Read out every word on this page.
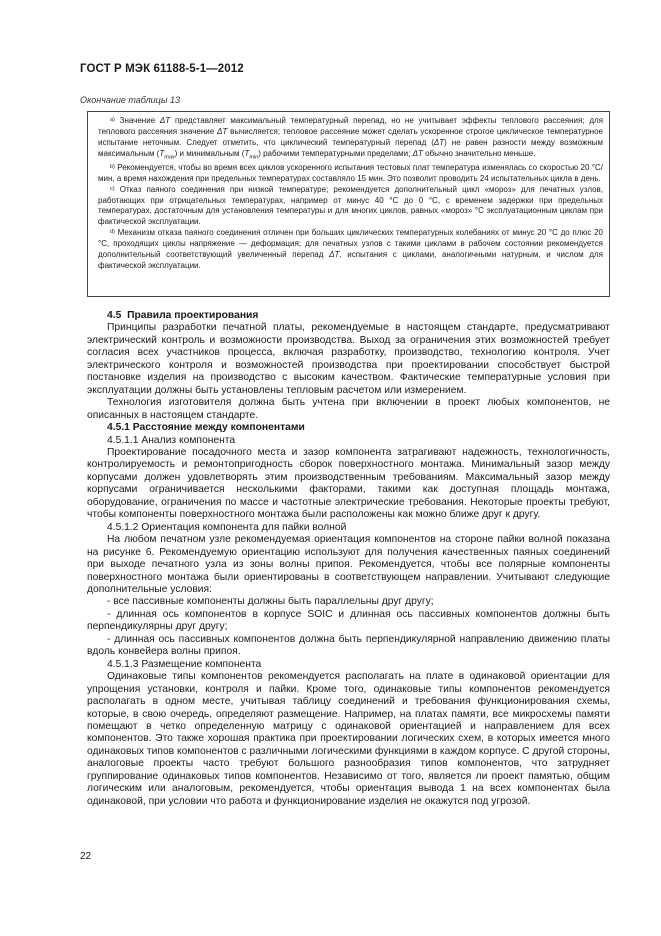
ГОСТ Р МЭК 61188-5-1—2012
Окончание таблицы 13

$^{a)}$ Значение ΔT представляет максимальный температурный перепад, но не учитывает эффекты теплового рассеяния; для теплового рассеяния значение ΔT вычисляется; тепловое рассеяние может сделать ускоренное строгое циклическое температурное испытание неточным. Следует отметить, что циклический температурный перепад (ΔT) не равен разности между возможным максимальным $(T_{max})$ и минимальным $(T_{min})$ рабочими температурными пределами; ΔT обычно значительно меньше.

$^{b)}$ Рекомендуется, чтобы во время всех циклов ускоренного испытания тестовых плат температура изменялась со скоростью 20 °C/мин, а время нахождения при предельных температурах составляло 15 мин. Это позволит проводить 24 испытательных цикла в день.

$^{c)}$ Отказ паяного соединения при низкой температуре; рекомендуется дополнительный цикл «мороз» для печатных узлов, работающих при отрицательных температурах, например от минус 40 °C до 0 °C, с временем задержки при предельных температурах, достаточным для установления температуры и для многих циклов, равных «мороз» °C эксплуатационным циклам при фактической эксплуатации.

$^{d)}$ Механизм отказа паяного соединения отличен при больших циклических температурных колебаниях от минус 20 °C до плюс 20 °C, проходящих циклы напряжение — деформация; для печатных узлов с такими циклами в рабочем состоянии рекомендуется дополнительный соответствующий увеличенный перепад ΔT, испытания с циклами, аналогичными натурным, и числом для фактической эксплуатации.

4.5 Правила проектирования

Принципы разработки печатной платы, рекомендуемые в настоящем стандарте, предусматривают электрический контроль и возможности производства. Выход за ограничения этих возможностей требует согласия всех участников процесса, включая разработку, производство, технологию контроля. Учет электрического контроля и возможностей производства при проектировании способствует быстрой постановке изделия на производство с высоким качеством. Фактические температурные условия при эксплуатации должны быть установлены тепловым расчетом или измерением.

Технология изготовителя должна быть учтена при включении в проект любых компонентов, не описанных в настоящем стандарте.

4.5.1 Расстояние между компонентами

4.5.1.1 Анализ компонента

Проектирование посадочного места и зазор компонента затрагивают надежность, технологичность, контролируемость и ремонтопригодность сборок поверхностного монтажа. Минимальный зазор между корпусами должен удовлетворять этим производственным требованиям. Максимальный зазор между корпусами ограничивается несколькими факторами, такими как доступная площадь монтажа, оборудование, ограничения по массе и частотные электрические требования. Некоторые проекты требуют, чтобы компоненты поверхностного монтажа были расположены как можно ближе друг к другу.

4.5.1.2 Ориентация компонента для пайки волной

На любом печатном узле рекомендуемая ориентация компонентов на стороне пайки волной показана на рисунке 6. Рекомендуемую ориентацию используют для получения качественных паяных соединений при выходе печатного узла из зоны волны припоя. Рекомендуется, чтобы все полярные компоненты поверхностного монтажа были ориентированы в соответствующем направлении. Учитывают следующие дополнительные условия:

- все пассивные компоненты должны быть параллельны друг другу;

- длинная ось компонентов в корпусе SOIC и длинная ось пассивных компонентов должны быть перпендикулярны друг другу;

- длинная ось пассивных компонентов должна быть перпендикулярной направлению движению платы вдоль конвейера волны припоя.

4.5.1.3 Размещение компонента

Одинаковые типы компонентов рекомендуется располагать на плате в одинаковой ориентации для упрощения установки, контроля и пайки. Кроме того, одинаковые типы компонентов рекомендуется располагать в одном месте, учитывая таблицу соединений и требования функционирования схемы, которые, в свою очередь, определяют размещение. Например, на платах памяти, все микросхемы памяти помещают в четко определенную матрицу с одинаковой ориентацией и направлением для всех компонентов. Это также хорошая практика при проектировании логических схем, в которых имеется много одинаковых типов компонентов с различными логическими функциями в каждом корпусе. С другой стороны, аналоговые проекты часто требуют большого разнообразия типов компонентов, что затрудняет группирование одинаковых типов компонентов. Независимо от того, является ли проект памятью, общим логическим или аналоговым, рекомендуется, чтобы ориентация вывода 1 на всех компонентах была одинаковой, при условии что работа и функционирование изделия не окажутся под угрозой.

22
